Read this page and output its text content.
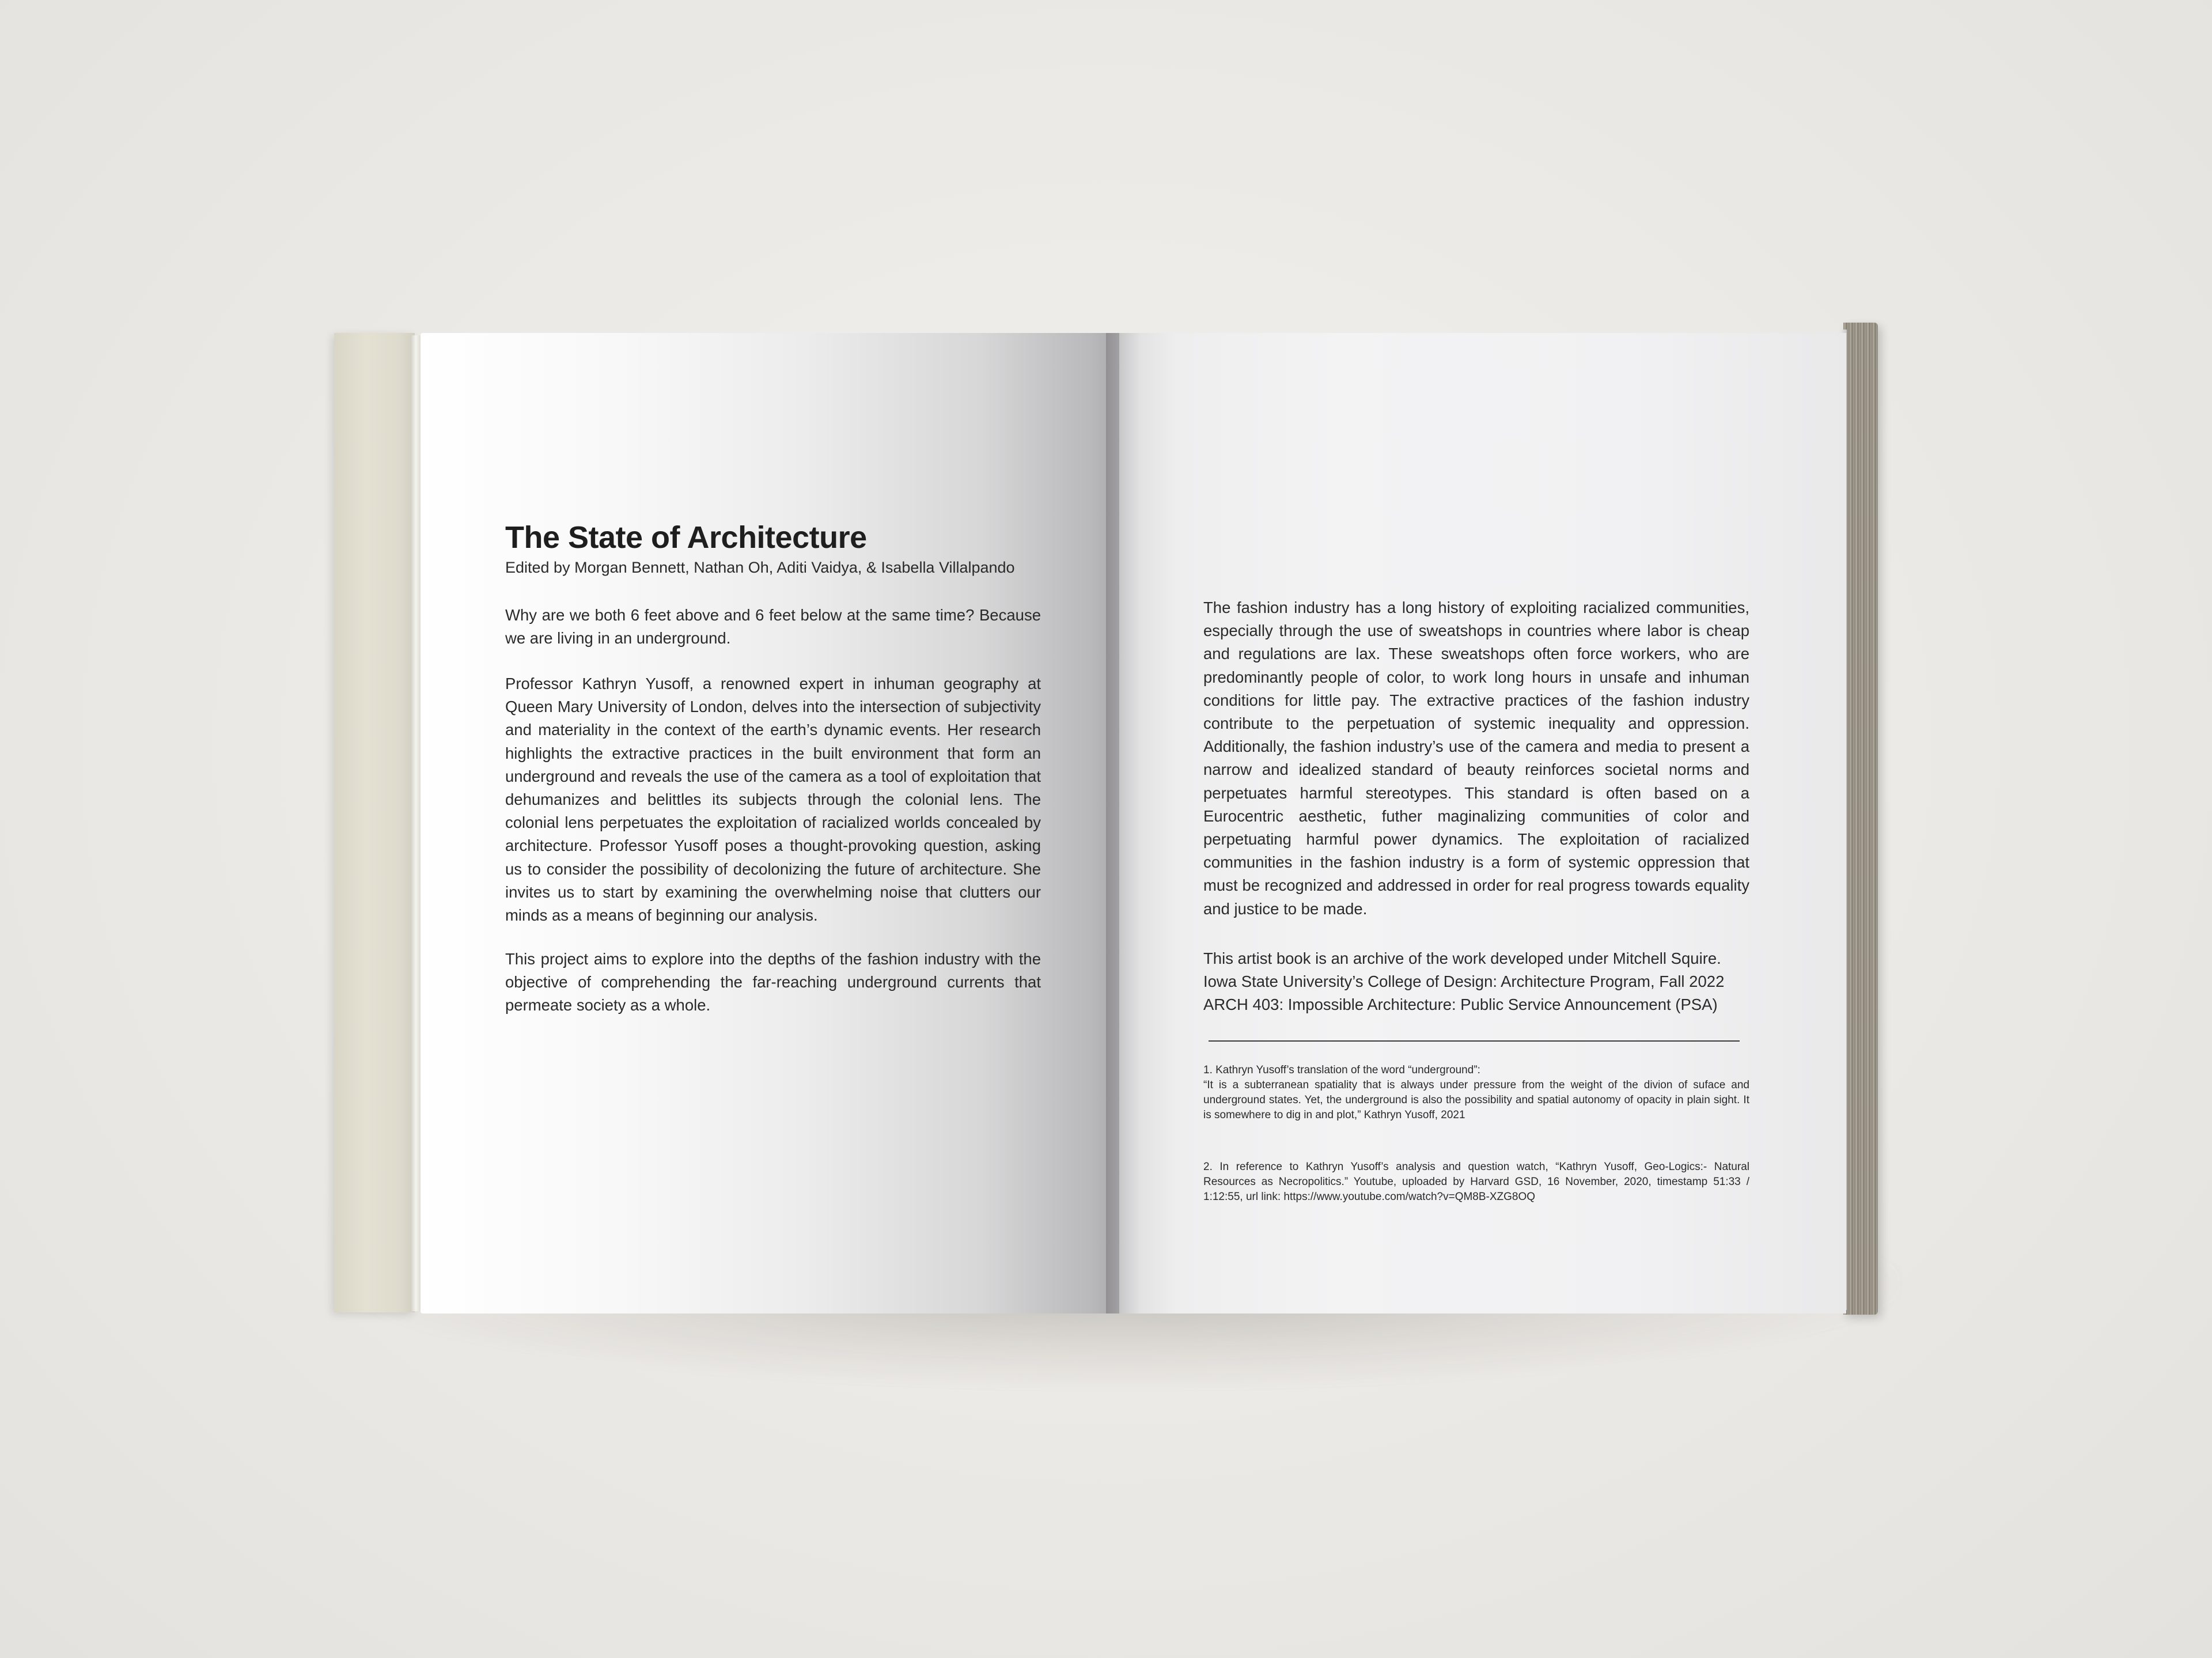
The State of Architecture
Edited by Morgan Bennett, Nathan Oh, Aditi Vaidya, & Isabella Villalpando

Why are we both 6 feet above and 6 feet below at the same time? Because we are living in an underground.

Professor Kathryn Yusoff, a renowned expert in inhuman geography at Queen Mary University of London, delves into the intersection of subjectivity and materiality in the context of the earth’s dynamic events. Her research highlights the extractive practices in the built environment that form an underground and reveals the use of the camera as a tool of exploitation that dehumanizes and belittles its subjects through the colonial lens. The colonial lens perpetuates the exploitation of racialized worlds concealed by architecture. Professor Yusoff poses a thought-provoking question, asking us to consider the possibility of decolonizing the future of architecture. She invites us to start by examining the overwhelming noise that clutters our minds as a means of beginning our analysis.

This project aims to explore into the depths of the fashion industry with the objective of comprehending the far-reaching underground currents that permeate society as a whole.

The fashion industry has a long history of exploiting racialized communities, especially through the use of sweatshops in countries where labor is cheap and regulations are lax. These sweatshops often force workers, who are predominantly people of color, to work long hours in unsafe and inhuman conditions for little pay. The extractive practices of the fashion industry contribute to the perpetuation of systemic inequality and oppression. Additionally, the fashion industry’s use of the camera and media to present a narrow and idealized standard of beauty reinforces societal norms and perpetuates harmful stereotypes. This standard is often based on a Eurocentric aesthetic, futher maginalizing communities of color and perpetuating harmful power dynamics. The exploitation of racialized communities in the fashion industry is a form of systemic oppression that must be recognized and addressed in order for real progress towards equality and justice to be made.

This artist book is an archive of the work developed under Mitchell Squire.
Iowa State University’s College of Design: Architecture Program, Fall 2022
ARCH 403: Impossible Architecture: Public Service Announcement (PSA)

1. Kathryn Yusoff’s translation of the word “underground”:
“It is a subterranean spatiality that is always under pressure from the weight of the divion of suface and underground states. Yet, the underground is also the possibility and spatial autonomy of opacity in plain sight. It is somewhere to dig in and plot,” Kathryn Yusoff, 2021
2. In reference to Kathryn Yusoff’s analysis and question watch, “Kathryn Yusoff, Geo-Logics:- Natural Resources as Necropolitics.” Youtube, uploaded by Harvard GSD, 16 November, 2020, timestamp 51:33 / 1:12:55, url link: https://www.youtube.com/watch?v=QM8B-XZG8OQ
